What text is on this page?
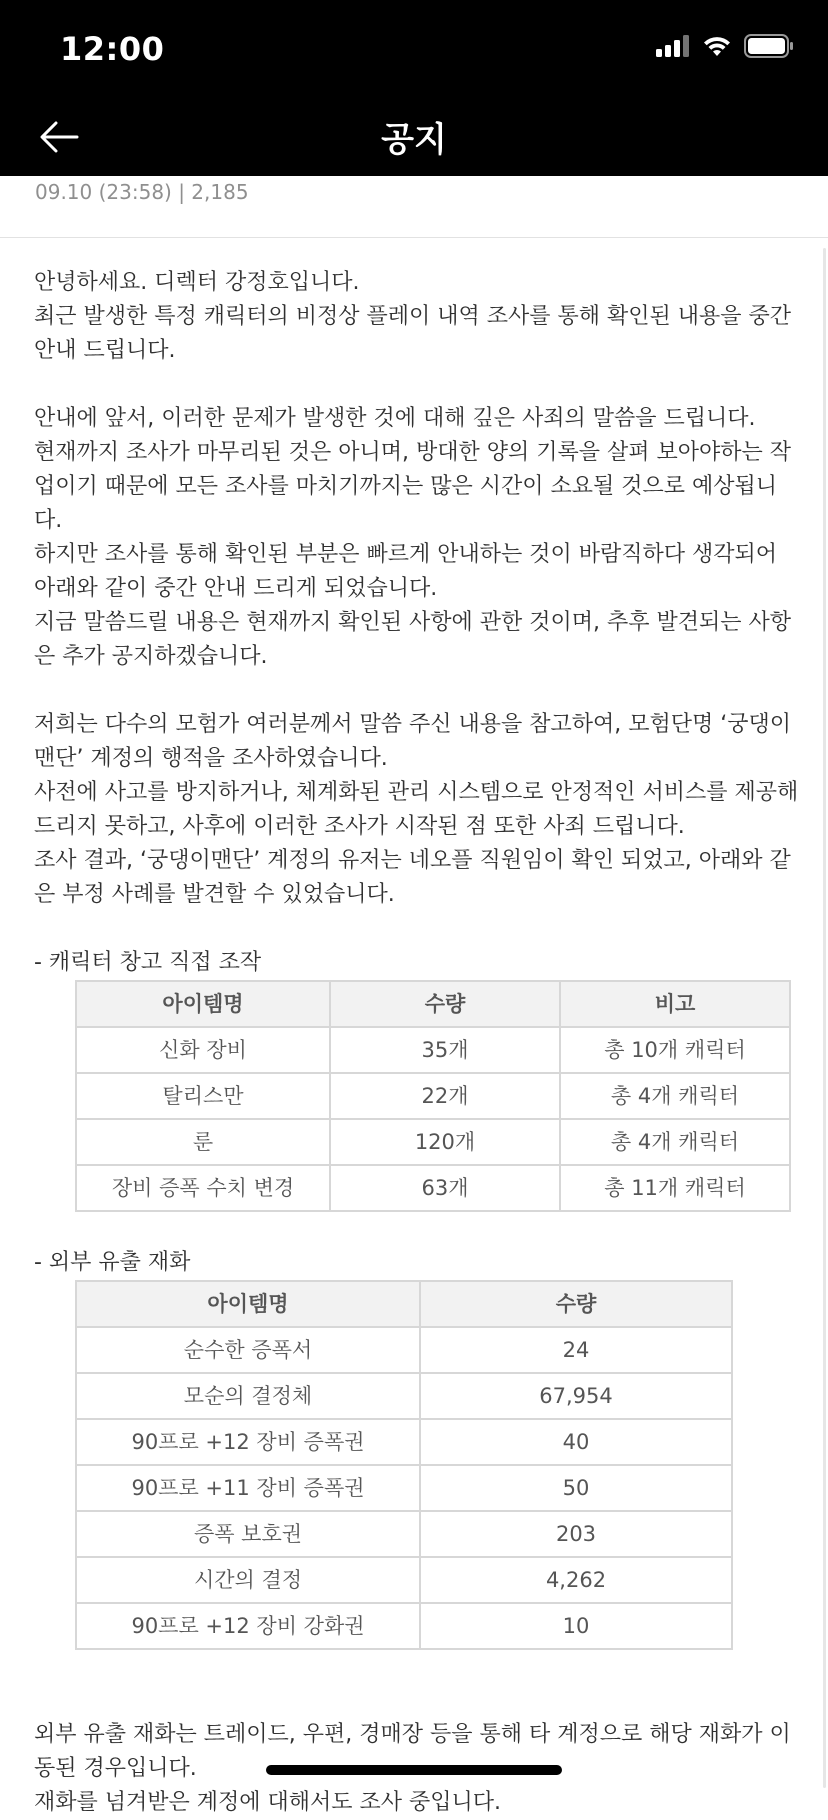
12:00
공지
09.10 (23:58) | 2,185

안녕하세요. 디렉터 강정호입니다.

최근 발생한 특정 캐릭터의 비정상 플레이 내역 조사를 통해 확인된 내용을 중간 안내 드립니다.

안내에 앞서, 이러한 문제가 발생한 것에 대해 깊은 사죄의 말씀을 드립니다.

현재까지 조사가 마무리된 것은 아니며, 방대한 양의 기록을 살펴 보아야하는 작업이기 때문에 모든 조사를 마치기까지는 많은 시간이 소요될 것으로 예상됩니다.

하지만 조사를 통해 확인된 부분은 빠르게 안내하는 것이 바람직하다 생각되어 아래와 같이 중간 안내 드리게 되었습니다.

지금 말씀드릴 내용은 현재까지 확인된 사항에 관한 것이며, 추후 발견되는 사항은 추가 공지하겠습니다.

저희는 다수의 모험가 여러분께서 말씀 주신 내용을 참고하여, 모험단명 ‘궁댕이맨단’ 계정의 행적을 조사하였습니다.

사전에 사고를 방지하거나, 체계화된 관리 시스템으로 안정적인 서비스를 제공해 드리지 못하고, 사후에 이러한 조사가 시작된 점 또한 사죄 드립니다.

조사 결과, ‘궁댕이맨단’ 계정의 유저는 네오플 직원임이 확인 되었고, 아래와 같은 부정 사례를 발견할 수 있었습니다.

- 캐릭터 창고 직접 조작

아이템명	수량	비고
신화 장비	35개	총 10개 캐릭터
탈리스만	22개	총 4개 캐릭터
룬	120개	총 4개 캐릭터
장비 증폭 수치 변경	63개	총 11개 캐릭터

- 외부 유출 재화

아이템명	수량
순수한 증폭서	24
모순의 결정체	67,954
90프로 +12 장비 증폭권	40
90프로 +11 장비 증폭권	50
증폭 보호권	203
시간의 결정	4,262
90프로 +12 장비 강화권	10

외부 유출 재화는 트레이드, 우편, 경매장 등을 통해 타 계정으로 해당 재화가 이동된 경우입니다.

재화를 넘겨받은 계정에 대해서도 조사 중입니다.
